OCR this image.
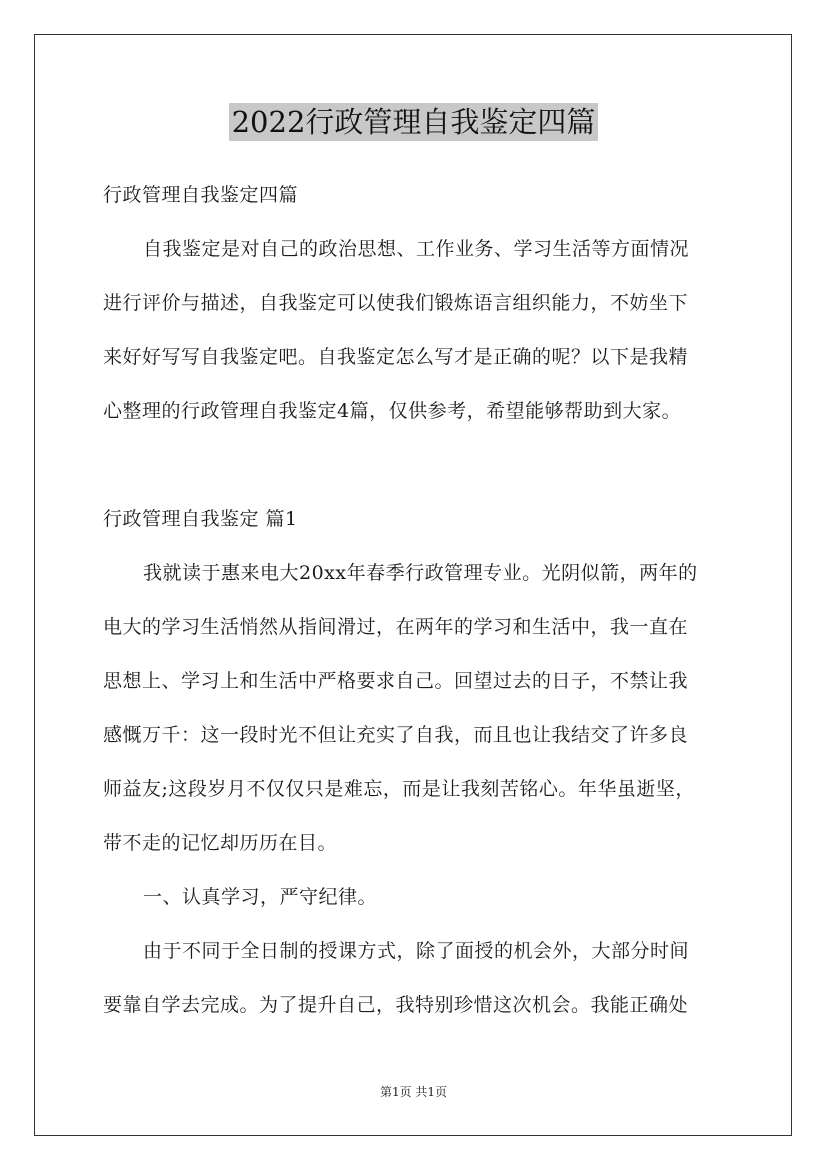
2022行政管理自我鉴定四篇
行政管理自我鉴定四篇
自我鉴定是对自己的政治思想、工作业务、学习生活等方面情况
进行评价与描述，自我鉴定可以使我们锻炼语言组织能力，不妨坐下
来好好写写自我鉴定吧。自我鉴定怎么写才是正确的呢？以下是我精
心整理的行政管理自我鉴定4篇，仅供参考，希望能够帮助到大家。
行政管理自我鉴定 篇1
我就读于惠来电大20xx年春季行政管理专业。光阴似箭，两年的
电大的学习生活悄然从指间滑过，在两年的学习和生活中，我一直在
思想上、学习上和生活中严格要求自己。回望过去的日子，不禁让我
感慨万千：这一段时光不但让充实了自我，而且也让我结交了许多良
师益友;这段岁月不仅仅只是难忘，而是让我刻苦铭心。年华虽逝坚，
带不走的记忆却历历在目。
一、认真学习，严守纪律。
由于不同于全日制的授课方式，除了面授的机会外，大部分时间
要靠自学去完成。为了提升自己，我特别珍惜这次机会。我能正确处
第1页 共1页
